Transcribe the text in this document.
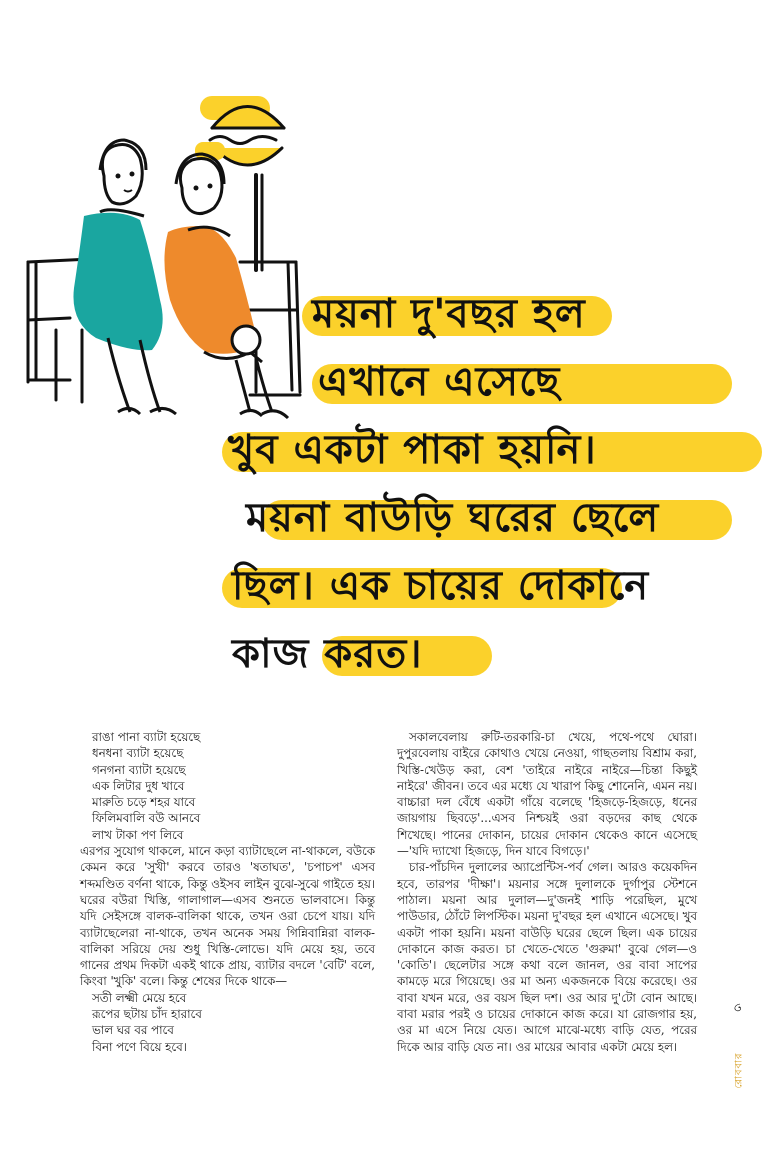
ময়না দু'বছর হল
এখানে এসেছে
খুব একটা পাকা হয়নি।
ময়না বাউড়ি ঘরের ছেলে
ছিল। এক চায়ের দোকানে
কাজ করত।

রাঙা পানা ব্যাটা হয়েছে

ধনধনা ব্যাটা হয়েছে

গনগনা ব্যাটা হয়েছে

এক লিটার দুধ খাবে

মারুতি চড়ে শহর যাবে

ফিলিমবালি বউ আনবে

লাখ টাকা পণ লিবে

এরপর সুযোগ থাকলে, মানে কড়া ব্যাটাছেলে না-থাকলে, বউকে কেমন করে 'সুখী' করবে তারও 'ষতাঘত', 'চপাচপ' এসব শব্দমণ্ডিত বর্ণনা থাকে, কিন্তু ওইসব লাইন বুঝে-সুঝে গাইতে হয়। ঘরের বউরা খিস্তি, গালাগাল—এসব শুনতে ভালবাসে। কিন্তু যদি সেইসঙ্গে বালক-বালিকা থাকে, তখন ওরা চেপে যায়। যদি ব্যাটাছেলেরা না-থাকে, তখন অনেক সময় গিন্নিবান্নিরা বালক-বালিকা সরিয়ে দেয় শুধু খিস্তি-লোভে। যদি মেয়ে হয়, তবে গানের প্রথম দিকটা একই থাকে প্রায়, ব্যাটার বদলে 'বেটি' বলে, কিংবা 'খুকি' বলে। কিন্তু শেষের দিকে থাকে—

সতী লক্ষ্মী মেয়ে হবে

রূপের ছটায় চাঁদ হারাবে

ভাল ঘর বর পাবে

বিনা পণে বিয়ে হবে।

সকালবেলায় রুটি-তরকারি-চা খেয়ে, পথে-পথে ঘোরা। দুপুরবেলায় বাইরে কোথাও খেয়ে নেওয়া, গাছতলায় বিশ্রাম করা, খিস্তি-খেউড় করা, বেশ 'তাইরে নাইরে নাইরে—চিন্তা কিছুই নাইরে' জীবন। তবে এর মধ্যে যে খারাপ কিছু শোনেনি, এমন নয়। বাচ্চারা দল বেঁধে একটা গাঁয়ে বলেছে 'হিজড়ে-হিজড়ে, ধনের জায়গায় ছিবড়ে'...এসব নিশ্চয়ই ওরা বড়দের কাছ থেকে শিখেছে। পানের দোকান, চায়ের দোকান থেকেও কানে এসেছে—'যদি দ্যাখো হিজড়ে, দিন যাবে বিগড়ে।'

চার-পাঁচদিন দুলালের অ্যাপ্রেন্টিস-পর্ব গেল। আরও কয়েকদিন হবে, তারপর 'দীক্ষা'। ময়নার সঙ্গে দুলালকে দুর্গাপুর স্টেশনে পাঠাল। ময়না আর দুলাল—দু'জনই শাড়ি পরেছিল, মুখে পাউডার, ঠোঁটে লিপস্টিক। ময়না দু'বছর হল এখানে এসেছে। খুব একটা পাকা হয়নি। ময়না বাউড়ি ঘরের ছেলে ছিল। এক চায়ের দোকানে কাজ করত। চা খেতে-খেতে 'গুরুমা' বুঝে গেল—ও 'কোতি'। ছেলেটার সঙ্গে কথা বলে জানল, ওর বাবা সাপের কামড়ে মরে গিয়েছে। ওর মা অন্য একজনকে বিয়ে করেছে। ওর বাবা যখন মরে, ওর বয়স ছিল দশ। ওর আর দু'টো বোন আছে। বাবা মরার পরই ও চায়ের দোকানে কাজ করে। যা রোজগার হয়, ওর মা এসে নিয়ে যেত। আগে মাঝে-মধ্যে বাড়ি যেত, পরের দিকে আর বাড়ি যেত না। ওর মায়ের আবার একটা মেয়ে হল।

৩
রোববার
